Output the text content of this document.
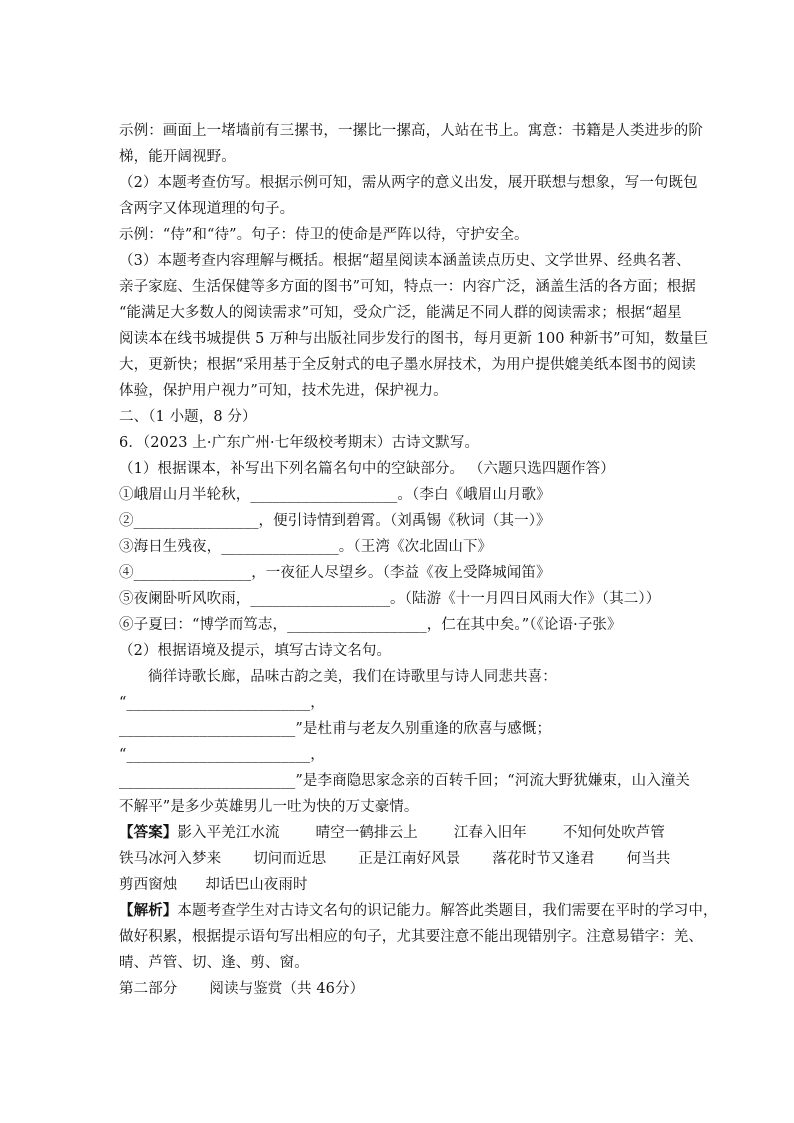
示例：画面上一堵墙前有三摞书，一摞比一摞高，人站在书上。寓意：书籍是人类进步的阶
梯，能开阔视野。
（2）本题考查仿写。根据示例可知，需从两字的意义出发，展开联想与想象，写一句既包
含两字又体现道理的句子。
示例：“侍”和“待”。句子：侍卫的使命是严阵以待，守护安全。
（3）本题考查内容理解与概括。根据“超星阅读本涵盖读点历史、文学世界、经典名著、
亲子家庭、生活保健等多方面的图书”可知，特点一：内容广泛，涵盖生活的各方面；根据
“能满足大多数人的阅读需求”可知，受众广泛，能满足不同人群的阅读需求；根据“超星
阅读本在线书城提供 5 万种与出版社同步发行的图书，每月更新 100 种新书”可知，数量巨
大，更新快；根据“采用基于全反射式的电子墨水屏技术，为用户提供媲美纸本图书的阅读
体验，保护用户视力”可知，技术先进，保护视力。
二、（1 小题，8 分）
6．（2023 上·广东广州·七年级校考期末）古诗文默写。
（1）根据课本，补写出下列名篇名句中的空缺部分。 （六题只选四题作答）
①峨眉山月半轮秋，____________________。（李白《峨眉山月歌》
②_________________，便引诗情到碧霄。（刘禹锡《秋词（其一）》
③海日生残夜，________________。（王湾《次北固山下》
④________________，一夜征人尽望乡。（李益《夜上受降城闻笛》
⑤夜阑卧听风吹雨，___________________。（陆游《十一月四日风雨大作》（其二））
⑥子夏曰：“博学而笃志，___________________，仁在其中矣。”（《论语·子张》
（2）根据语境及提示，填写古诗文名句。
徜徉诗歌长廊，品味古韵之美，我们在诗歌里与诗人同悲共喜：
“_________________________，
________________________”是杜甫与老友久别重逢的欣喜与感慨；
“_________________________，
________________________”是李商隐思家念亲的百转千回；“河流大野犹嫌束，山入潼关
不解平”是多少英雄男儿一吐为快的万丈豪情。
【答案】影入平羌江水流 晴空一鹤排云上 江春入旧年 不知何处吹芦管
铁马冰河入梦来 切问而近思 正是江南好风景 落花时节又逢君 何当共
剪西窗烛 却话巴山夜雨时
【解析】本题考查学生对古诗文名句的识记能力。解答此类题目，我们需要在平时的学习中，
做好积累，根据提示语句写出相应的句子，尤其要注意不能出现错别字。注意易错字：羌、
晴、芦管、切、逢、剪、窗。
第二部分 阅读与鉴赏（共 46分）
